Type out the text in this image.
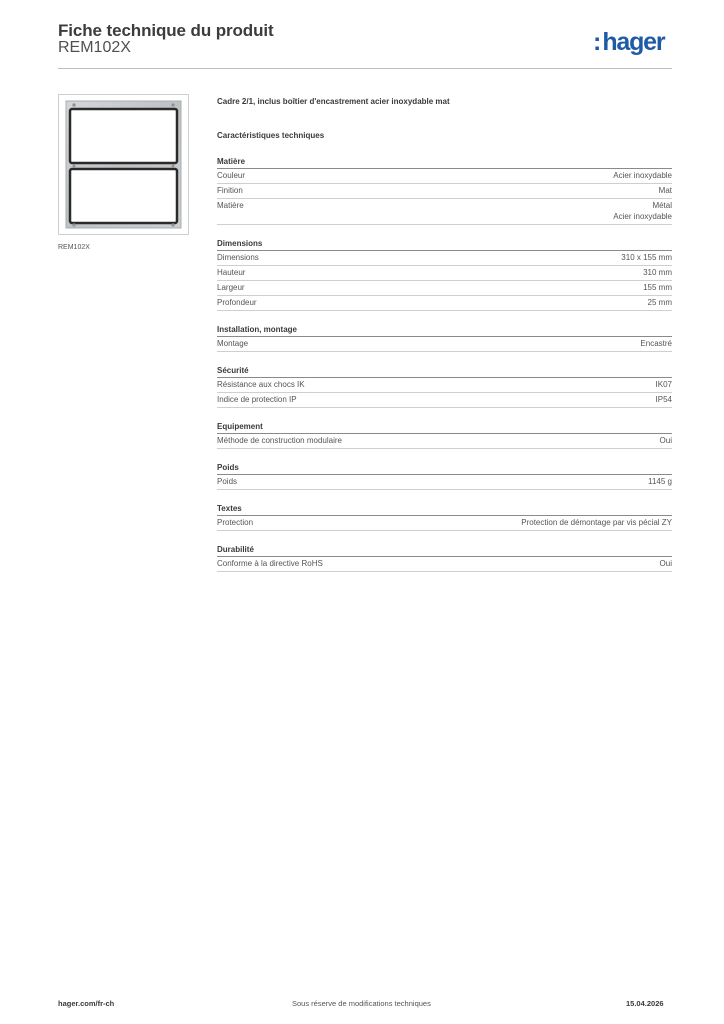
Fiche technique du produit
REM102X	:hager
REM102X
Cadre 2/1, inclus boîtier d'encastrement acier inoxydable mat
Caractéristiques techniques
Matière
Couleur	Acier inoxydable
Finition	Mat
Matière	Métal
Acier inoxydable
Dimensions
Dimensions	310 x 155 mm
Hauteur	310 mm
Largeur	155 mm
Profondeur	25 mm
Installation, montage
Montage	Encastré
Sécurité
Résistance aux chocs IK	IK07
Indice de protection IP	IP54
Equipement
Méthode de construction modulaire	Oui
Poids
Poids	1145 g
Textes
Protection	Protection de démontage par vis pécial ZY
Durabilité
Conforme à la directive RoHS	Oui
hager.com/fr-ch	Sous réserve de modifications techniques	15.04.2026
